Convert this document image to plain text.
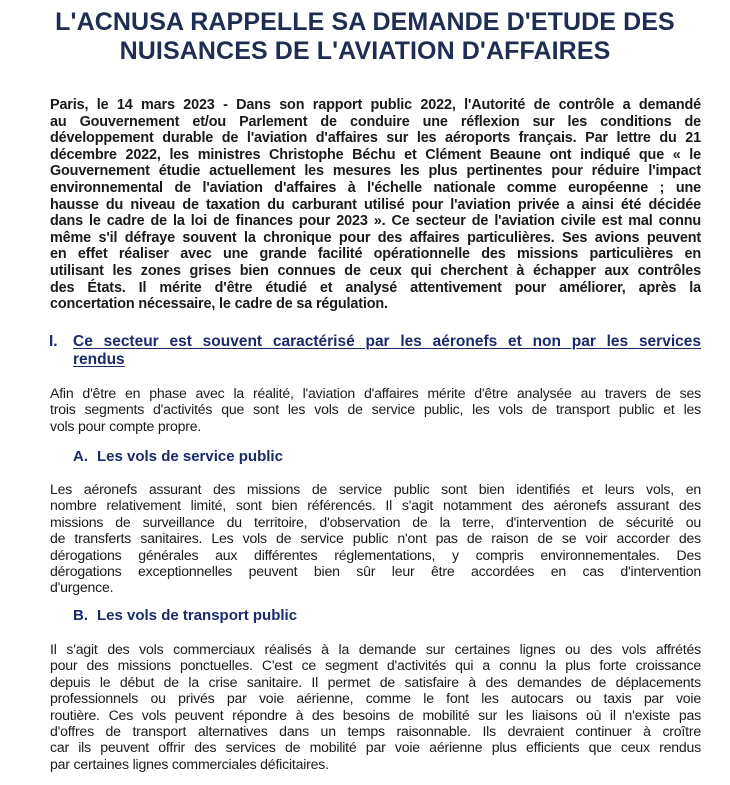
L'ACNUSA RAPPELLE SA DEMANDE D'ETUDE DES
NUISANCES DE L'AVIATION D'AFFAIRES

Paris, le 14 mars 2023 - Dans son rapport public 2022, l'Autorité de contrôle a demandé
au Gouvernement et/ou Parlement de conduire une réflexion sur les conditions de
développement durable de l'aviation d'affaires sur les aéroports français. Par lettre du 21
décembre 2022, les ministres Christophe Béchu et Clément Beaune ont indiqué que « le
Gouvernement étudie actuellement les mesures les plus pertinentes pour réduire l'impact
environnemental de l'aviation d'affaires à l'échelle nationale comme européenne ; une
hausse du niveau de taxation du carburant utilisé pour l'aviation privée a ainsi été décidée
dans le cadre de la loi de finances pour 2023 ». Ce secteur de l'aviation civile est mal connu
même s'il défraye souvent la chronique pour des affaires particulières. Ses avions peuvent
en effet réaliser avec une grande facilité opérationnelle des missions particulières en
utilisant les zones grises bien connues de ceux qui cherchent à échapper aux contrôles
des États. Il mérite d'être étudié et analysé attentivement pour améliorer, après la
concertation nécessaire, le cadre de sa régulation.

I. Ce secteur est souvent caractérisé par les aéronefs et non par les services
rendus

Afin d'être en phase avec la réalité, l'aviation d'affaires mérite d'être analysée au travers de ses
trois segments d'activités que sont les vols de service public, les vols de transport public et les
vols pour compte propre.

A. Les vols de service public

Les aéronefs assurant des missions de service public sont bien identifiés et leurs vols, en
nombre relativement limité, sont bien référencés. Il s'agit notamment des aéronefs assurant des
missions de surveillance du territoire, d'observation de la terre, d'intervention de sécurité ou
de transferts sanitaires. Les vols de service public n'ont pas de raison de se voir accorder des
dérogations générales aux différentes réglementations, y compris environnementales. Des
dérogations exceptionnelles peuvent bien sûr leur être accordées en cas d'intervention
d'urgence.

B. Les vols de transport public

Il s'agit des vols commerciaux réalisés à la demande sur certaines lignes ou des vols affrétés
pour des missions ponctuelles. C'est ce segment d'activités qui a connu la plus forte croissance
depuis le début de la crise sanitaire. Il permet de satisfaire à des demandes de déplacements
professionnels ou privés par voie aérienne, comme le font les autocars ou taxis par voie
routière. Ces vols peuvent répondre à des besoins de mobilité sur les liaisons où il n'existe pas
d'offres de transport alternatives dans un temps raisonnable. Ils devraient continuer à croître
car ils peuvent offrir des services de mobilité par voie aérienne plus efficients que ceux rendus
par certaines lignes commerciales déficitaires.
